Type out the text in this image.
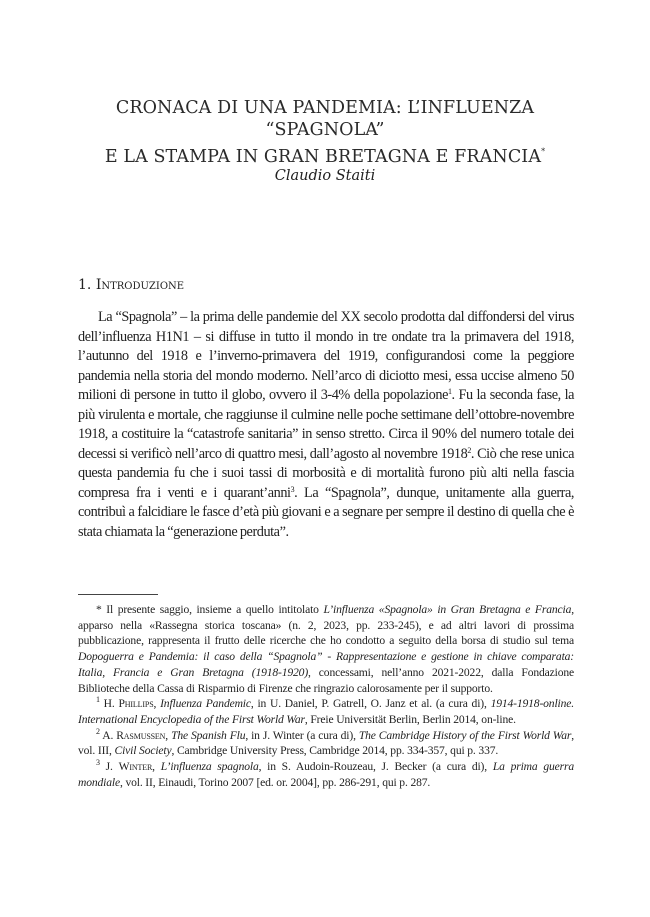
CRONACA DI UNA PANDEMIA: L’INFLUENZA “SPAGNOLA”
E LA STAMPA IN GRAN BRETAGNA E FRANCIA*
Claudio Staiti
1. Introduzione

La “Spagnola” – la prima delle pandemie del XX secolo prodotta dal diffondersi del virus dell’influenza H1N1 – si diffuse in tutto il mondo in tre ondate tra la primavera del 1918, l’autunno del 1918 e l’inverno-primavera del 1919, configurandosi come la peggiore pandemia nella storia del mondo moderno. Nell’arco di diciotto mesi, essa uccise almeno 50 milioni di persone in tutto il globo, ovvero il 3-4% della popolazione$^1$. Fu la seconda fase, la più virulenta e mortale, che raggiunse il culmine nelle poche settimane dell’ottobre-novembre 1918, a costituire la “catastrofe sanitaria” in senso stretto. Circa il 90% del numero totale dei decessi si verificò nell’arco di quattro mesi, dall’agosto al novembre 1918$^2$. Ciò che rese unica questa pandemia fu che i suoi tassi di morbosità e di mortalità furono più alti nella fascia compresa fra i venti e i quarant’anni$^3$. La “Spagnola”, dunque, unitamente alla guerra, contribuì a falcidiare le fasce d’età più giovani e a segnare per sempre il destino di quella che è stata chiamata la “generazione perduta”.

* Il presente saggio, insieme a quello intitolato L’influenza «Spagnola» in Gran Bretagna e Francia, apparso nella «Rassegna storica toscana» (n. 2, 2023, pp. 233-245), e ad altri lavori di prossima pubblicazione, rappresenta il frutto delle ricerche che ho condotto a seguito della borsa di studio sul tema Dopoguerra e Pandemia: il caso della “Spagnola” - Rappresentazione e gestione in chiave comparata: Italia, Francia e Gran Bretagna (1918-1920), concessami, nell’anno 2021-2022, dalla Fondazione Biblioteche della Cassa di Risparmio di Firenze che ringrazio calorosamente per il supporto.

$^1$ H. Phillips, Influenza Pandemic, in U. Daniel, P. Gatrell, O. Janz et al. (a cura di), 1914-1918-online. International Encyclopedia of the First World War, Freie Universität Berlin, Berlin 2014, on-line.

$^2$ A. Rasmussen, The Spanish Flu, in J. Winter (a cura di), The Cambridge History of the First World War, vol. III, Civil Society, Cambridge University Press, Cambridge 2014, pp. 334-357, qui p. 337.

$^3$ J. Winter, L’influenza spagnola, in S. Audoin-Rouzeau, J. Becker (a cura di), La prima guerra mondiale, vol. II, Einaudi, Torino 2007 [ed. or. 2004], pp. 286-291, qui p. 287.
